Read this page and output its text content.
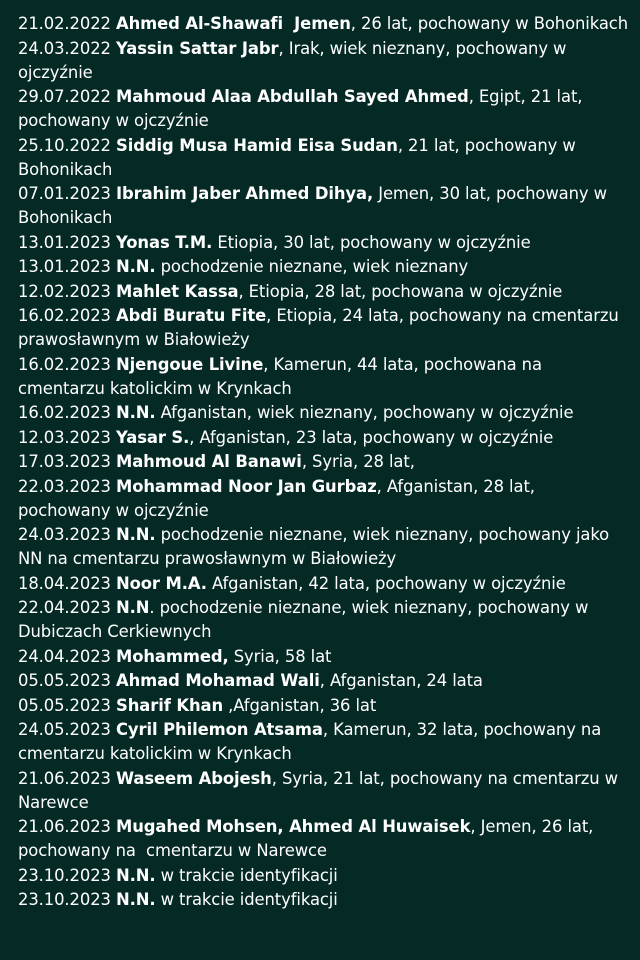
21.02.2022 Ahmed Al-Shawafi  Jemen, 26 lat, pochowany w Bohonikach
24.03.2022 Yassin Sattar Jabr, Irak, wiek nieznany, pochowany w ojczyźnie
29.07.2022 Mahmoud Alaa Abdullah Sayed Ahmed, Egipt, 21 lat, pochowany w ojczyźnie
25.10.2022 Siddig Musa Hamid Eisa Sudan, 21 lat, pochowany w Bohonikach
07.01.2023 Ibrahim Jaber Ahmed Dihya, Jemen, 30 lat, pochowany w Bohonikach
13.01.2023 Yonas T.M. Etiopia, 30 lat, pochowany w ojczyźnie
13.01.2023 N.N. pochodzenie nieznane, wiek nieznany
12.02.2023 Mahlet Kassa, Etiopia, 28 lat, pochowana w ojczyźnie
16.02.2023 Abdi Buratu Fite, Etiopia, 24 lata, pochowany na cmentarzu prawosławnym w Białowieży
16.02.2023 Njengoue Livine, Kamerun, 44 lata, pochowana na cmentarzu katolickim w Krynkach
16.02.2023 N.N. Afganistan, wiek nieznany, pochowany w ojczyźnie
12.03.2023 Yasar S., Afganistan, 23 lata, pochowany w ojczyźnie
17.03.2023 Mahmoud Al Banawi, Syria, 28 lat,
22.03.2023 Mohammad Noor Jan Gurbaz, Afganistan, 28 lat, pochowany w ojczyźnie
24.03.2023 N.N. pochodzenie nieznane, wiek nieznany, pochowany jako NN na cmentarzu prawosławnym w Białowieży
18.04.2023 Noor M.A. Afganistan, 42 lata, pochowany w ojczyźnie
22.04.2023 N.N. pochodzenie nieznane, wiek nieznany, pochowany w Dubiczach Cerkiewnych
24.04.2023 Mohammed, Syria, 58 lat
05.05.2023 Ahmad Mohamad Wali, Afganistan, 24 lata
05.05.2023 Sharif Khan ,Afganistan, 36 lat
24.05.2023 Cyril Philemon Atsama, Kamerun, 32 lata, pochowany na cmentarzu katolickim w Krynkach
21.06.2023 Waseem Abojesh, Syria, 21 lat, pochowany na cmentarzu w Narewce
21.06.2023 Mugahed Mohsen, Ahmed Al Huwaisek, Jemen, 26 lat, pochowany na  cmentarzu w Narewce
23.10.2023 N.N. w trakcie identyfikacji
23.10.2023 N.N. w trakcie identyfikacji
